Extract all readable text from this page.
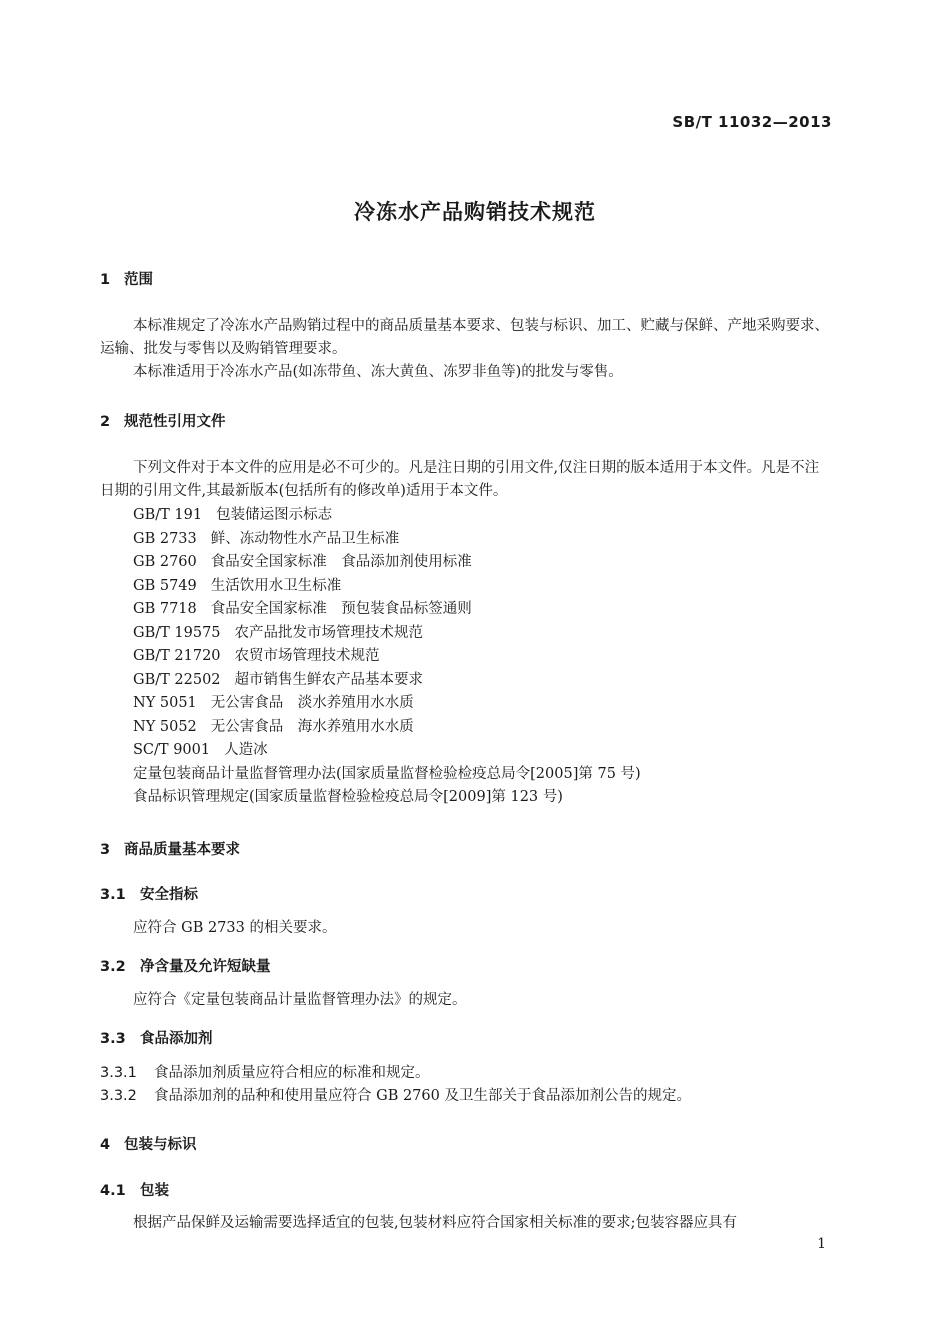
SB/T 11032—2013
冷冻水产品购销技术规范
1 范围
本标准规定了冷冻水产品购销过程中的商品质量基本要求、包装与标识、加工、贮藏与保鲜、产地采购要求、运输、批发与零售以及购销管理要求。
本标准适用于冷冻水产品(如冻带鱼、冻大黄鱼、冻罗非鱼等)的批发与零售。
2 规范性引用文件
下列文件对于本文件的应用是必不可少的。凡是注日期的引用文件,仅注日期的版本适用于本文件。凡是不注日期的引用文件,其最新版本(包括所有的修改单)适用于本文件。
GB/T 191 包装储运图示标志
GB 2733 鲜、冻动物性水产品卫生标准
GB 2760 食品安全国家标准　食品添加剂使用标准
GB 5749 生活饮用水卫生标准
GB 7718 食品安全国家标准　预包装食品标签通则
GB/T 19575 农产品批发市场管理技术规范
GB/T 21720 农贸市场管理技术规范
GB/T 22502 超市销售生鲜农产品基本要求
NY 5051 无公害食品　淡水养殖用水水质
NY 5052 无公害食品　海水养殖用水水质
SC/T 9001 人造冰
定量包装商品计量监督管理办法(国家质量监督检验检疫总局令[2005]第 75 号)
食品标识管理规定(国家质量监督检验检疫总局令[2009]第 123 号)
3 商品质量基本要求
3.1 安全指标
应符合 GB 2733 的相关要求。
3.2 净含量及允许短缺量
应符合《定量包装商品计量监督管理办法》的规定。
3.3 食品添加剂
3.3.1 食品添加剂质量应符合相应的标准和规定。
3.3.2 食品添加剂的品种和使用量应符合 GB 2760 及卫生部关于食品添加剂公告的规定。
4 包装与标识
4.1 包装
根据产品保鲜及运输需要选择适宜的包装,包装材料应符合国家相关标准的要求;包装容器应具有
1
